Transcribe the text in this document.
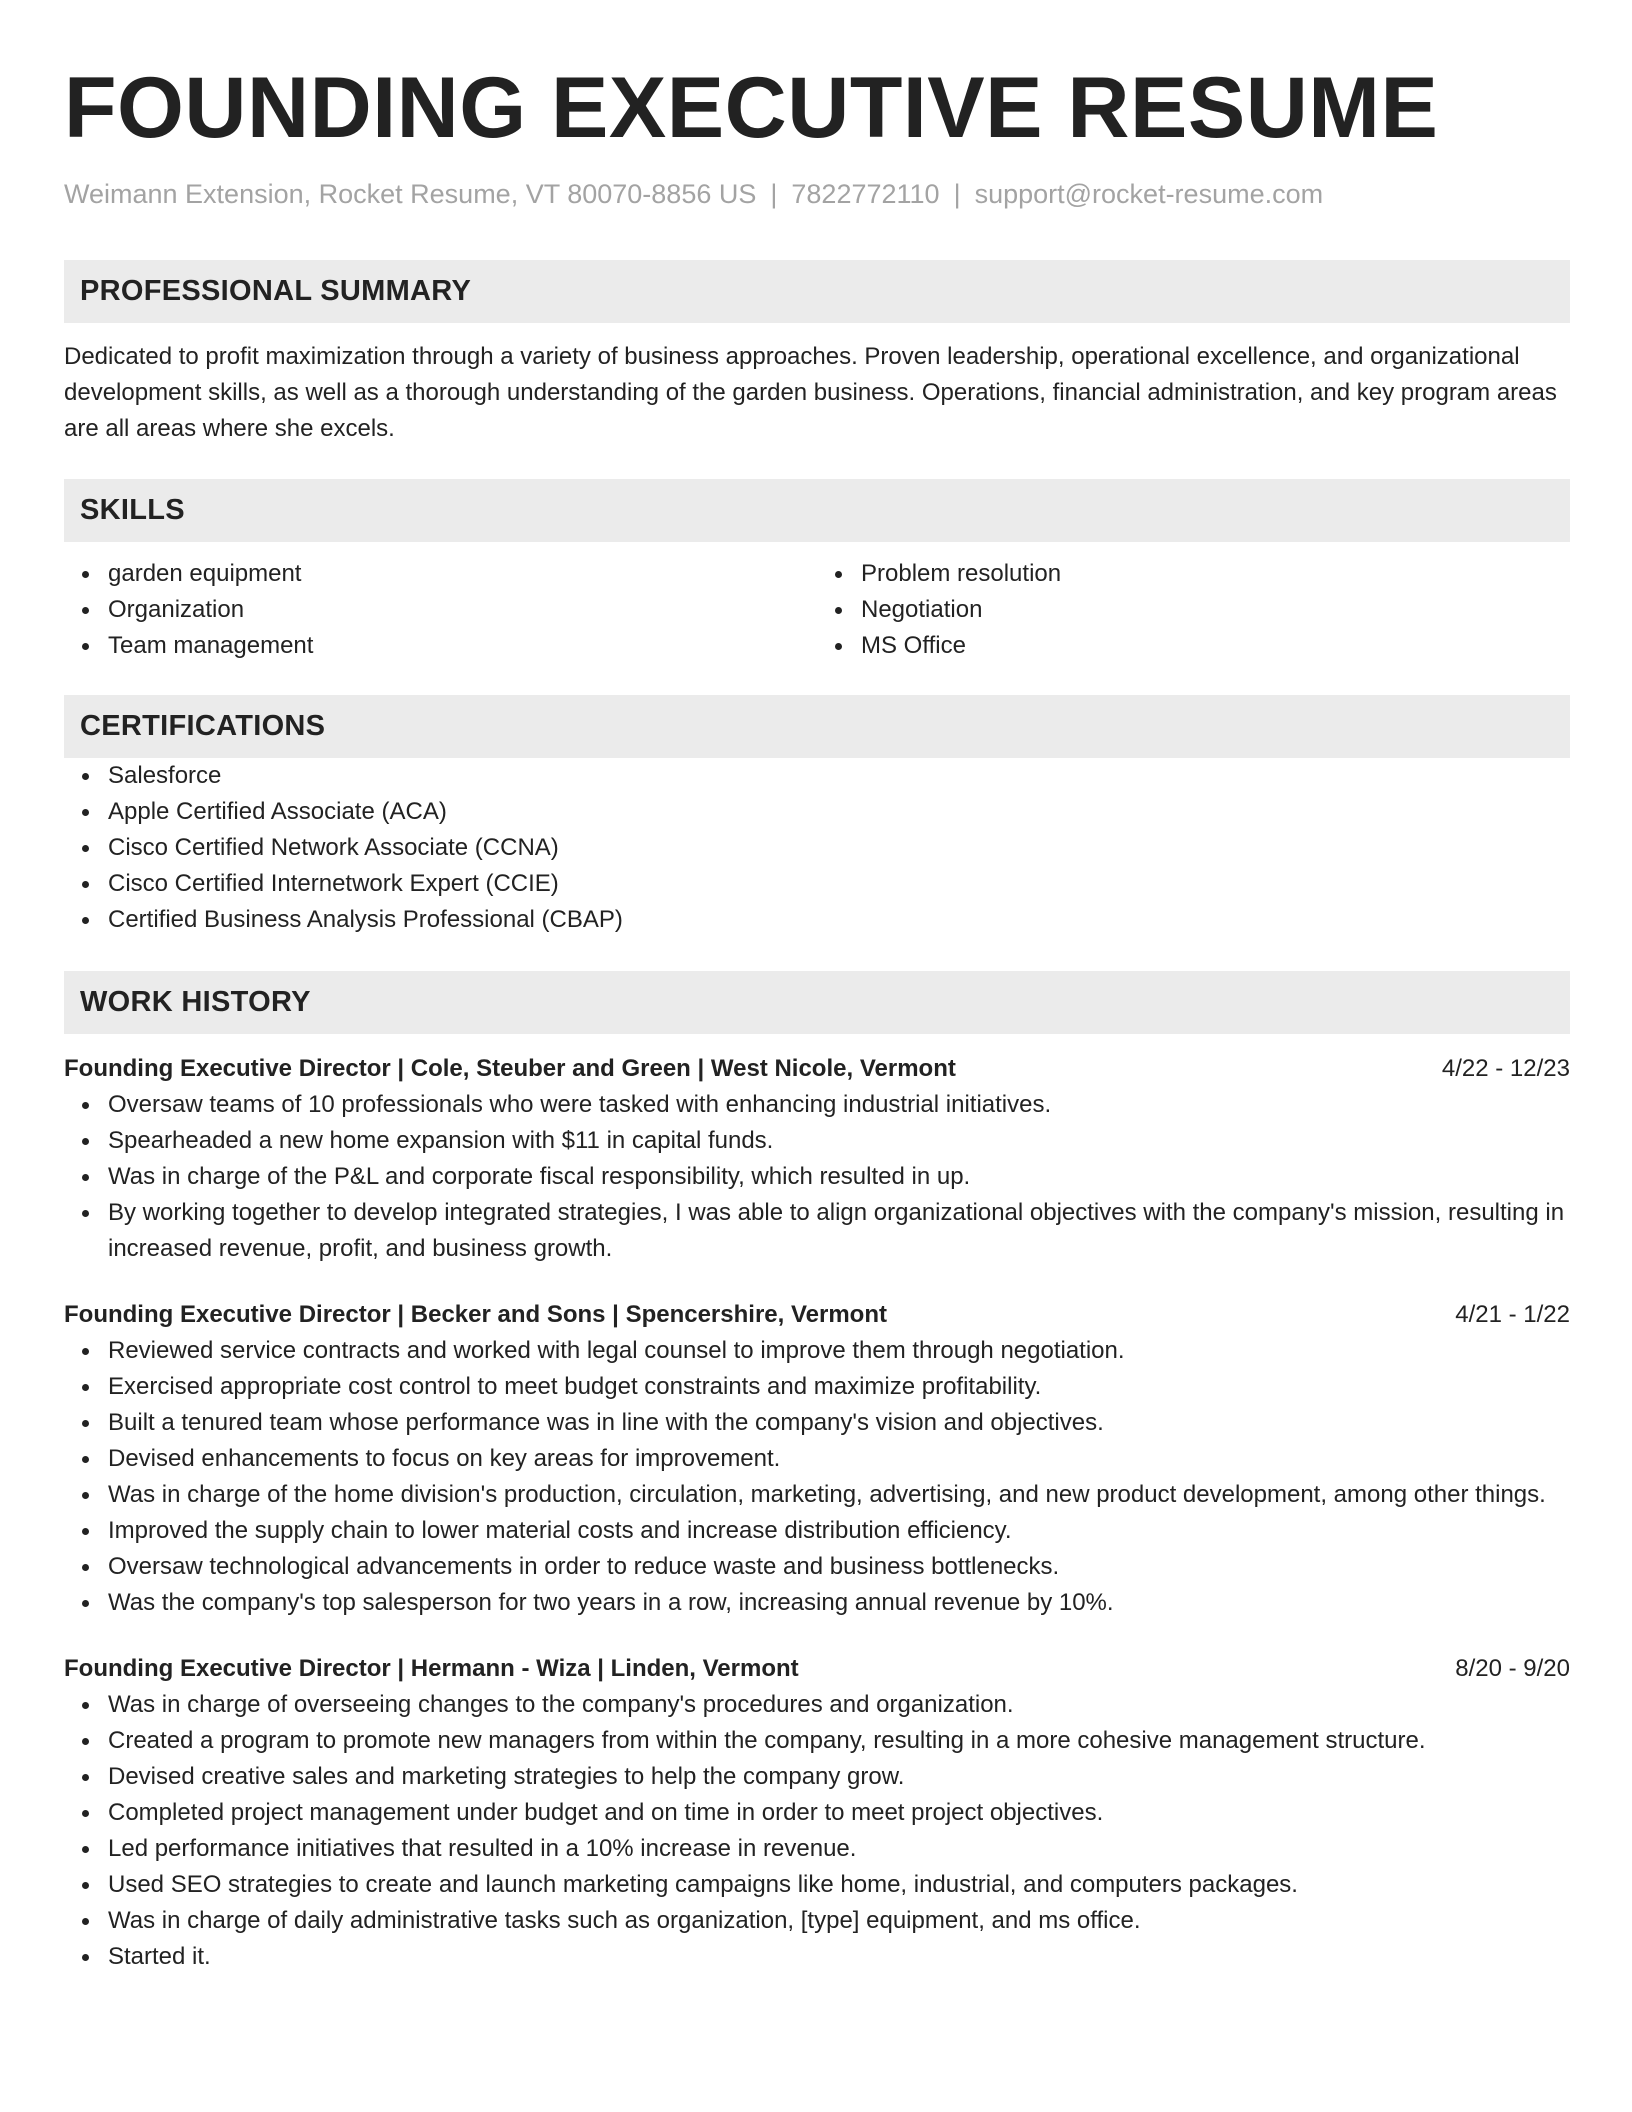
FOUNDING EXECUTIVE RESUME
Weimann Extension, Rocket Resume, VT 80070-8856 US | 7822772110 | support@rocket-resume.com
PROFESSIONAL SUMMARY

Dedicated to profit maximization through a variety of business approaches. Proven leadership, operational excellence, and organizational development skills, as well as a thorough understanding of the garden business. Operations, financial administration, and key program areas are all areas where she excels.

SKILLS
garden equipment
Organization
Team management
Problem resolution
Negotiation
MS Office
CERTIFICATIONS
Salesforce
Apple Certified Associate (ACA)
Cisco Certified Network Associate (CCNA)
Cisco Certified Internetwork Expert (CCIE)
Certified Business Analysis Professional (CBAP)
WORK HISTORY
Founding Executive Director | Cole, Steuber and Green | West Nicole, Vermont	4/22 - 12/23
Oversaw teams of 10 professionals who were tasked with enhancing industrial initiatives.
Spearheaded a new home expansion with $11 in capital funds.
Was in charge of the P&L and corporate fiscal responsibility, which resulted in up.
By working together to develop integrated strategies, I was able to align organizational objectives with the company's mission, resulting in increased revenue, profit, and business growth.
Founding Executive Director | Becker and Sons | Spencershire, Vermont	4/21 - 1/22
Reviewed service contracts and worked with legal counsel to improve them through negotiation.
Exercised appropriate cost control to meet budget constraints and maximize profitability.
Built a tenured team whose performance was in line with the company's vision and objectives.
Devised enhancements to focus on key areas for improvement.
Was in charge of the home division's production, circulation, marketing, advertising, and new product development, among other things.
Improved the supply chain to lower material costs and increase distribution efficiency.
Oversaw technological advancements in order to reduce waste and business bottlenecks.
Was the company's top salesperson for two years in a row, increasing annual revenue by 10%.
Founding Executive Director | Hermann - Wiza | Linden, Vermont	8/20 - 9/20
Was in charge of overseeing changes to the company's procedures and organization.
Created a program to promote new managers from within the company, resulting in a more cohesive management structure.
Devised creative sales and marketing strategies to help the company grow.
Completed project management under budget and on time in order to meet project objectives.
Led performance initiatives that resulted in a 10% increase in revenue.
Used SEO strategies to create and launch marketing campaigns like home, industrial, and computers packages.
Was in charge of daily administrative tasks such as organization, [type] equipment, and ms office.
Started it.
